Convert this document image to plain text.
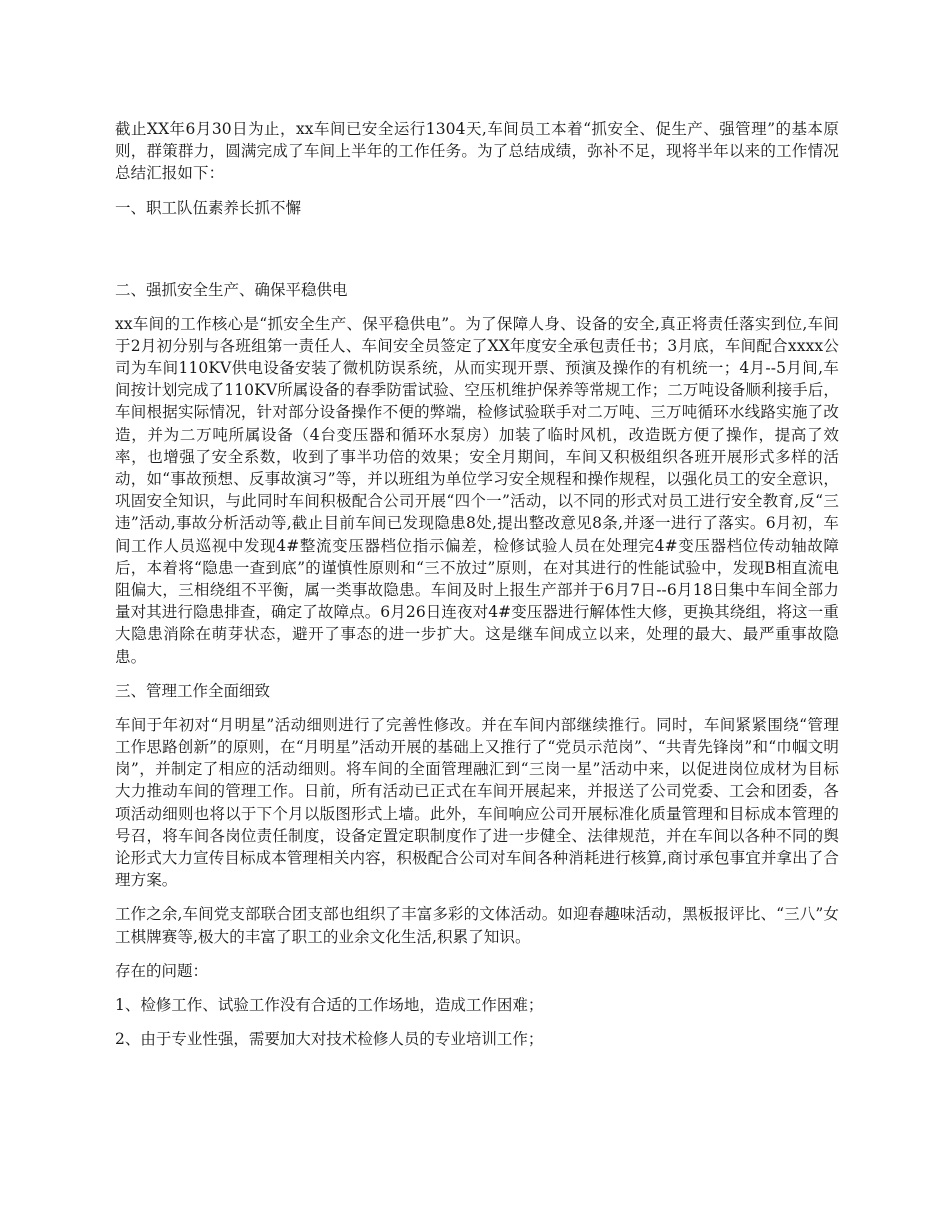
截止XX年6月30日为止，xx车间已安全运行1304天,车间员工本着“抓安全、促生产、强管理”的基本原则，群策群力，圆满完成了车间上半年的工作任务。为了总结成绩，弥补不足，现将半年以来的工作情况总结汇报如下：

一、职工队伍素养长抓不懈

二、强抓安全生产、确保平稳供电

xx车间的工作核心是“抓安全生产、保平稳供电”。为了保障人身、设备的安全,真正将责任落实到位,车间于2月初分别与各班组第一责任人、车间安全员签定了XX年度安全承包责任书；3月底，车间配合xxxx公司为车间110KV供电设备安装了微机防误系统，从而实现开票、预演及操作的有机统一；4月--5月间,车间按计划完成了110KV所属设备的春季防雷试验、空压机维护保养等常规工作；二万吨设备顺利接手后，车间根据实际情况，针对部分设备操作不便的弊端，检修试验联手对二万吨、三万吨循环水线路实施了改造，并为二万吨所属设备（4台变压器和循环水泵房）加装了临时风机，改造既方便了操作，提高了效率，也增强了安全系数，收到了事半功倍的效果；安全月期间，车间又积极组织各班开展形式多样的活动，如“事故预想、反事故演习”等，并以班组为单位学习安全规程和操作规程，以强化员工的安全意识，巩固安全知识，与此同时车间积极配合公司开展“四个一”活动，以不同的形式对员工进行安全教育,反“三违”活动,事故分析活动等,截止目前车间已发现隐患8处,提出整改意见8条,并逐一进行了落实。6月初，车间工作人员巡视中发现4#整流变压器档位指示偏差，检修试验人员在处理完4#变压器档位传动轴故障后，本着将“隐患一查到底”的谨慎性原则和“三不放过”原则，在对其进行的性能试验中，发现B相直流电阻偏大，三相绕组不平衡，属一类事故隐患。车间及时上报生产部并于6月7日--6月18日集中车间全部力量对其进行隐患排查，确定了故障点。6月26日连夜对4#变压器进行解体性大修，更换其绕组，将这一重大隐患消除在萌芽状态，避开了事态的进一步扩大。这是继车间成立以来，处理的最大、最严重事故隐患。

三、管理工作全面细致

车间于年初对“月明星”活动细则进行了完善性修改。并在车间内部继续推行。同时，车间紧紧围绕“管理工作思路创新”的原则，在“月明星”活动开展的基础上又推行了“党员示范岗”、“共青先锋岗”和“巾帼文明岗”，并制定了相应的活动细则。将车间的全面管理融汇到“三岗一星”活动中来，以促进岗位成材为目标大力推动车间的管理工作。日前，所有活动已正式在车间开展起来，并报送了公司党委、工会和团委，各项活动细则也将以于下个月以版图形式上墙。此外，车间响应公司开展标准化质量管理和目标成本管理的号召，将车间各岗位责任制度，设备定置定职制度作了进一步健全、法律规范，并在车间以各种不同的舆论形式大力宣传目标成本管理相关内容，积极配合公司对车间各种消耗进行核算,商讨承包事宜并拿出了合理方案。

工作之余,车间党支部联合团支部也组织了丰富多彩的文体活动。如迎春趣味活动，黑板报评比、“三八”女工棋牌赛等,极大的丰富了职工的业余文化生活,积累了知识。

存在的问题：

1、检修工作、试验工作没有合适的工作场地，造成工作困难；

2、由于专业性强，需要加大对技术检修人员的专业培训工作；
